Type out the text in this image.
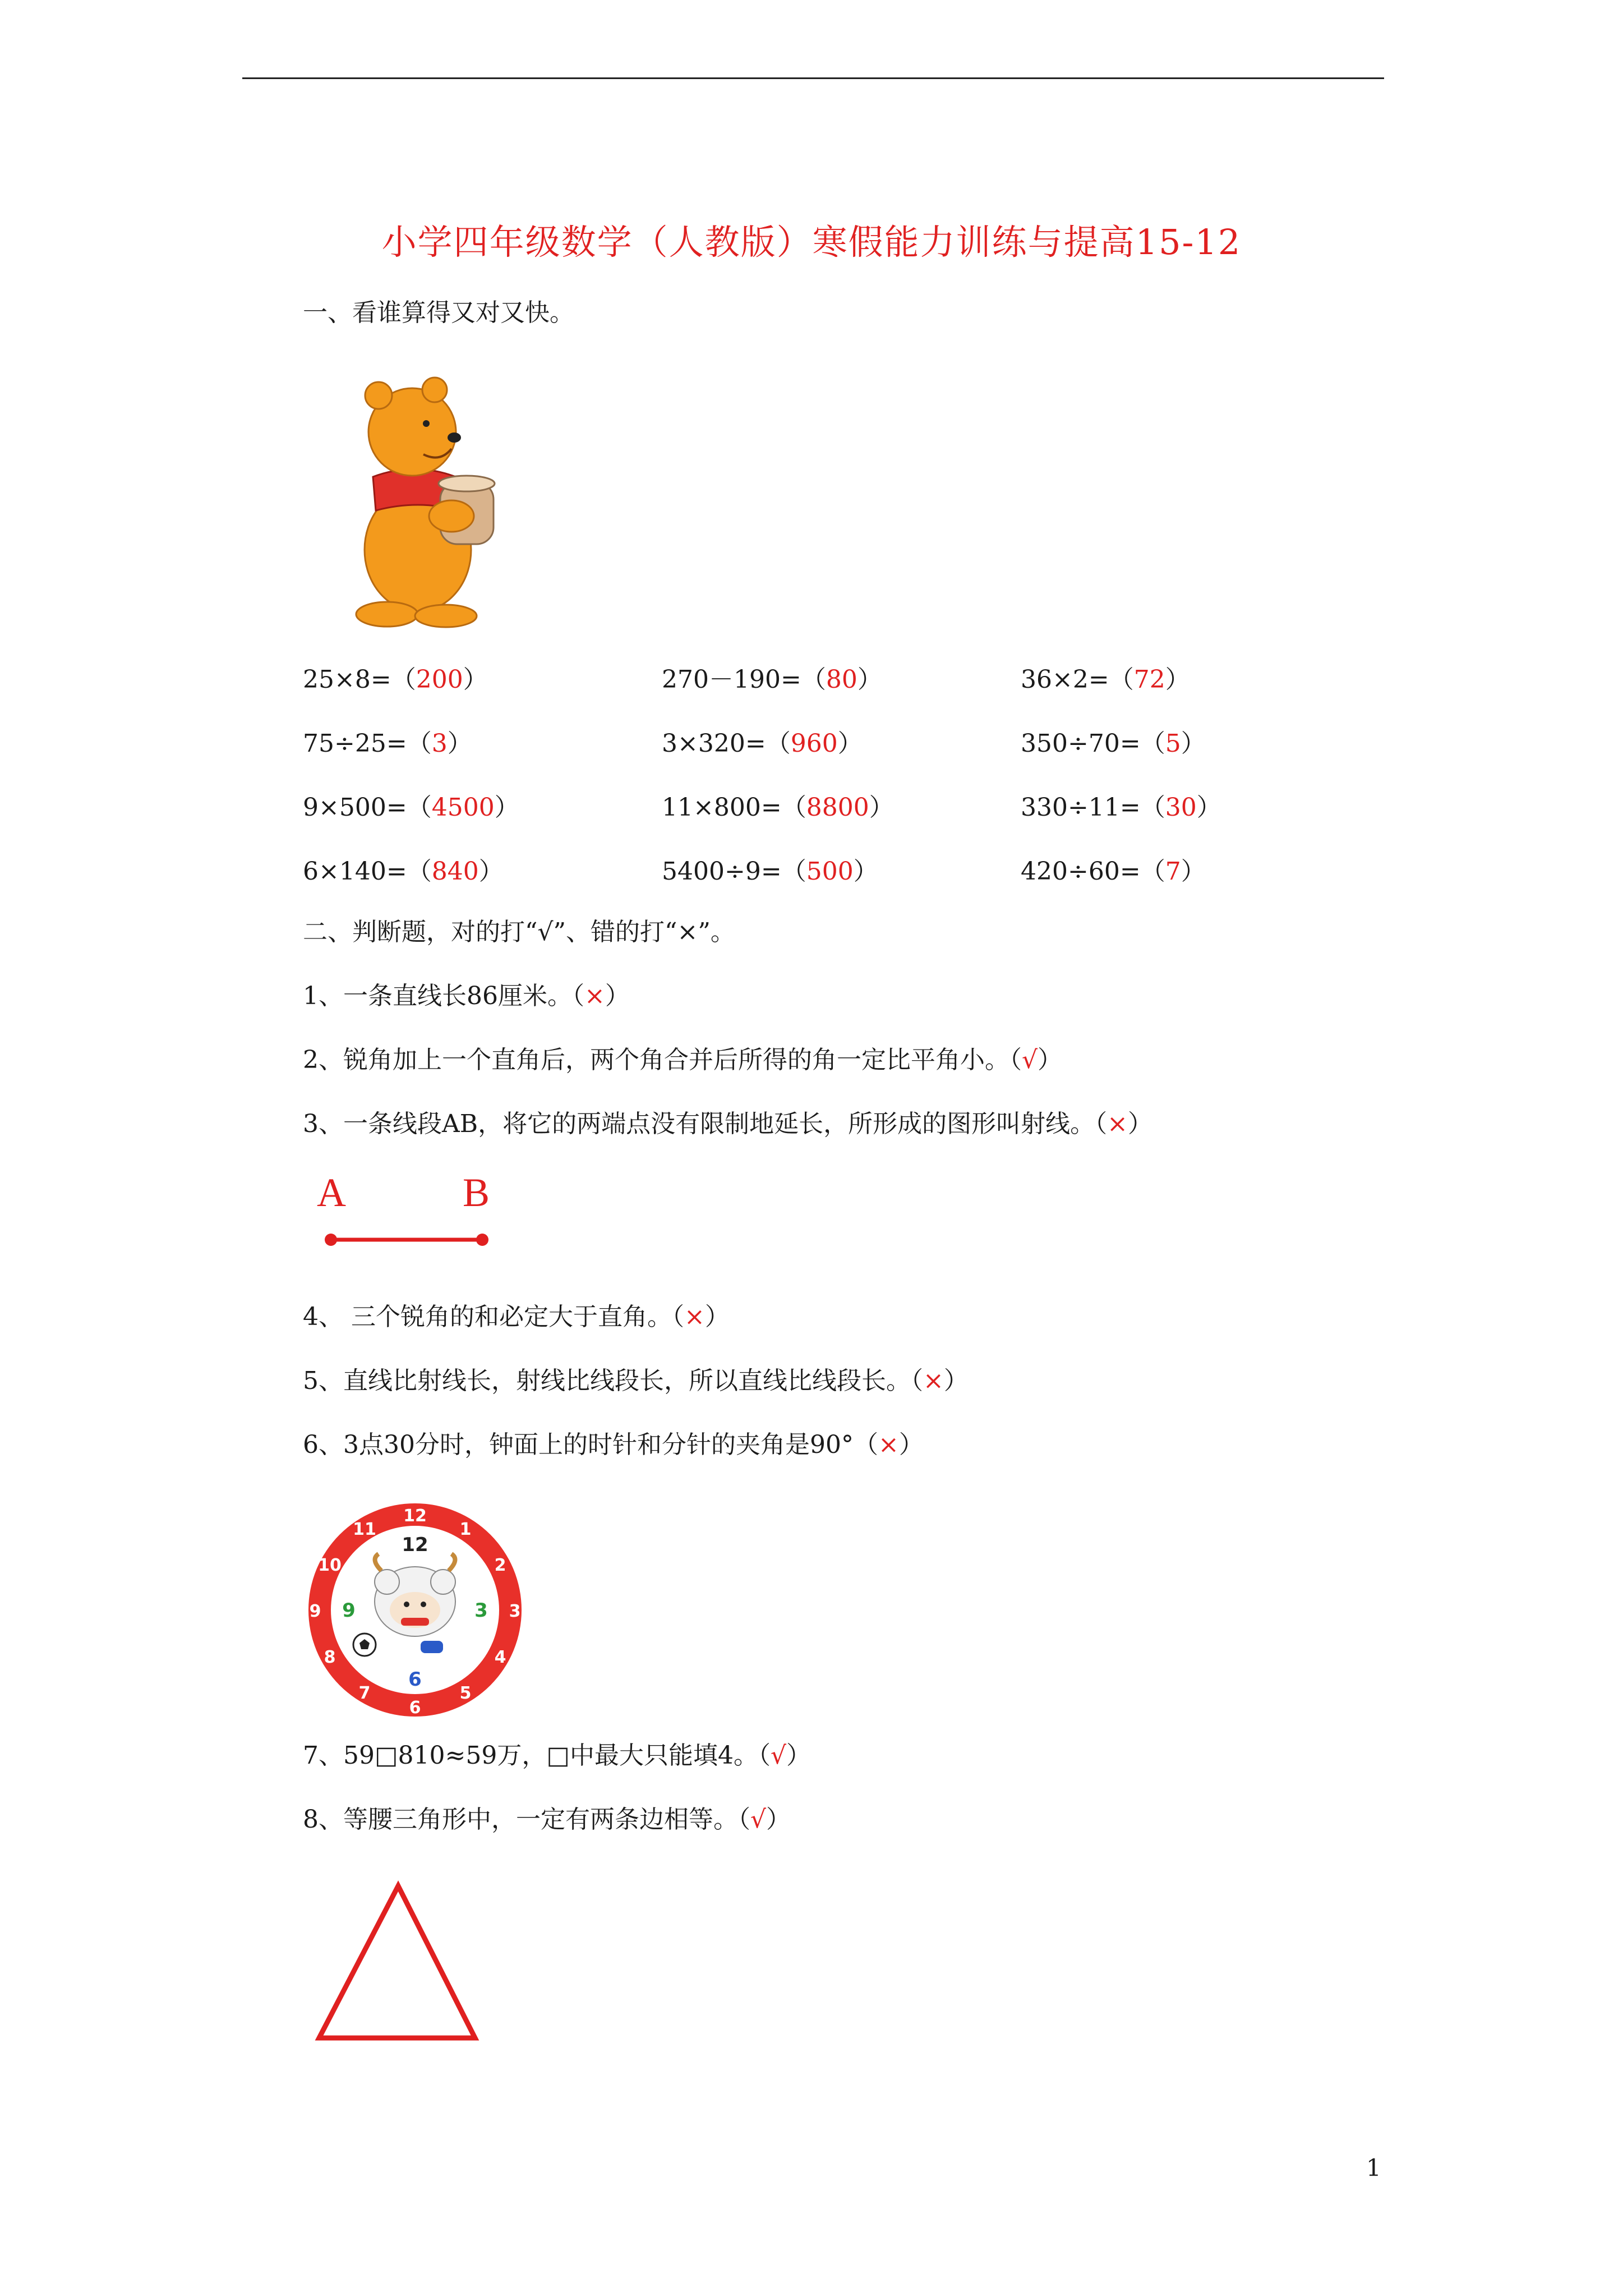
小学四年级数学（人教版）寒假能力训练与提高15-12
一、看谁算得又对又快。
25×8=（200）	270－190=（80）	36×2=（72）
75÷25=（3）	3×320=（960）	350÷70=（5）
9×500=（4500）	11×800=（8800）	330÷11=（30）
6×140=（840）	5400÷9=（500）	420÷60=（7）
二、判断题，对的打“√”、错的打“×”。
1、一条直线长86厘米。（×）
2、锐角加上一个直角后，两个角合并后所得的角一定比平角小。（√）
3、一条线段AB，将它的两端点没有限制地延长，所形成的图形叫射线。（×）
4、 三个锐角的和必定大于直角。（×）
5、直线比射线长，射线比线段长，所以直线比线段长。（×）
6、3点30分时，钟面上的时针和分针的夹角是90°（×）
7、59□810≈59万，□中最大只能填4。（√）
8、等腰三角形中，一定有两条边相等。（√）
A	B
12
1
2
3
4
5
6
7
8
9
10
11
12
3
6
9
1
